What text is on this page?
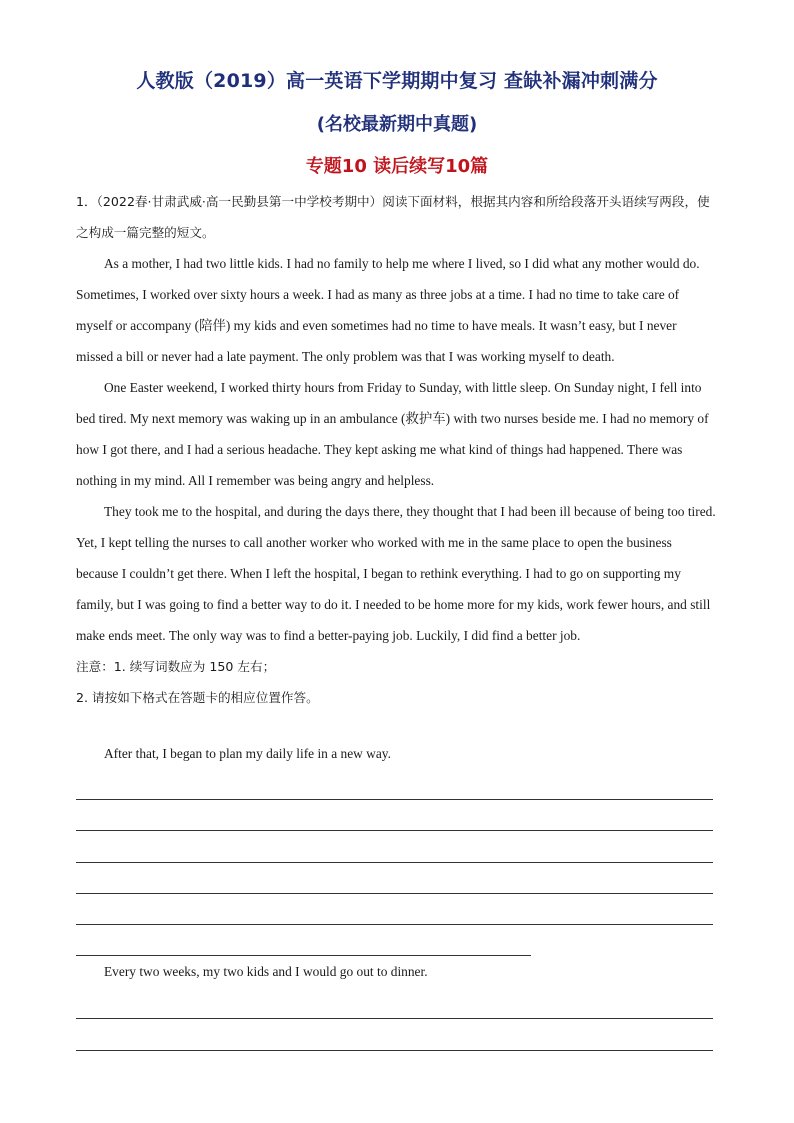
人教版（2019）高一英语下学期期中复习 查缺补漏冲刺满分
(名校最新期中真题)
专题10 读后续写10篇

1．（2022春·甘肃武威·高一民勤县第一中学校考期中）阅读下面材料，根据其内容和所给段落开头语续写两段，使之构成一篇完整的短文。

As a mother, I had two little kids. I had no family to help me where I lived, so I did what any mother would do. Sometimes, I worked over sixty hours a week. I had as many as three jobs at a time. I had no time to take care of myself or accompany (陪伴) my kids and even sometimes had no time to have meals. It wasn’t easy, but I never missed a bill or never had a late payment. The only problem was that I was working myself to death.

One Easter weekend, I worked thirty hours from Friday to Sunday, with little sleep. On Sunday night, I fell into bed tired. My next memory was waking up in an ambulance (救护车) with two nurses beside me. I had no memory of how I got there, and I had a serious headache. They kept asking me what kind of things had happened. There was nothing in my mind. All I remember was being angry and helpless.

They took me to the hospital, and during the days there, they thought that I had been ill because of being too tired. Yet, I kept telling the nurses to call another worker who worked with me in the same place to open the business because I couldn’t get there. When I left the hospital, I began to rethink everything. I had to go on supporting my family, but I was going to find a better way to do it. I needed to be home more for my kids, work fewer hours, and still make ends meet. The only way was to find a better-paying job. Luckily, I did find a better job.

注意：1. 续写词数应为 150 左右；

2. 请按如下格式在答题卡的相应位置作答。

After that, I began to plan my daily life in a new way.
Every two weeks, my two kids and I would go out to dinner.
